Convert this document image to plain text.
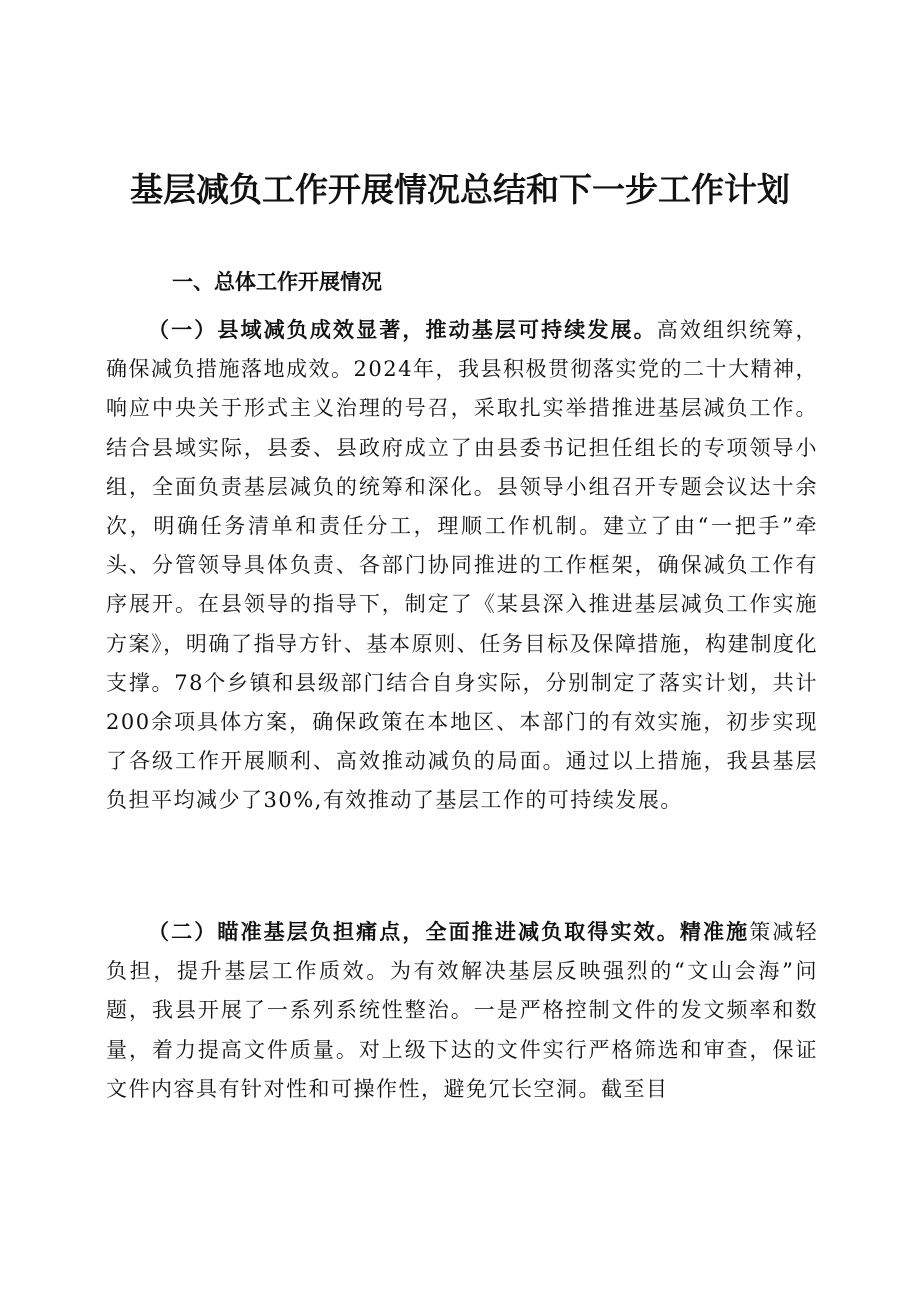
基层减负工作开展情况总结和下一步工作计划
一、总体工作开展情况

（一）县域减负成效显著，推动基层可持续发展。高效组织统筹，确保减负措施落地成效。2024年，我县积极贯彻落实党的二十大精神，响应中央关于形式主义治理的号召，采取扎实举措推进基层减负工作。结合县域实际，县委、县政府成立了由县委书记担任组长的专项领导小组，全面负责基层减负的统筹和深化。县领导小组召开专题会议达十余次，明确任务清单和责任分工，理顺工作机制。建立了由“一把手”牵头、分管领导具体负责、各部门协同推进的工作框架，确保减负工作有序展开。在县领导的指导下，制定了《某县深入推进基层减负工作实施方案》，明确了指导方针、基本原则、任务目标及保障措施，构建制度化支撑。78个乡镇和县级部门结合自身实际，分别制定了落实计划，共计200余项具体方案，确保政策在本地区、本部门的有效实施，初步实现了各级工作开展顺利、高效推动减负的局面。通过以上措施，我县基层负担平均减少了30%,有效推动了基层工作的可持续发展。

（二）瞄准基层负担痛点，全面推进减负取得实效。精准施策减轻负担，提升基层工作质效。为有效解决基层反映强烈的“文山会海”问题，我县开展了一系列系统性整治。一是严格控制文件的发文频率和数量，着力提高文件质量。对上级下达的文件实行严格筛选和审查，保证文件内容具有针对性和可操作性，避免冗长空洞。截至目
